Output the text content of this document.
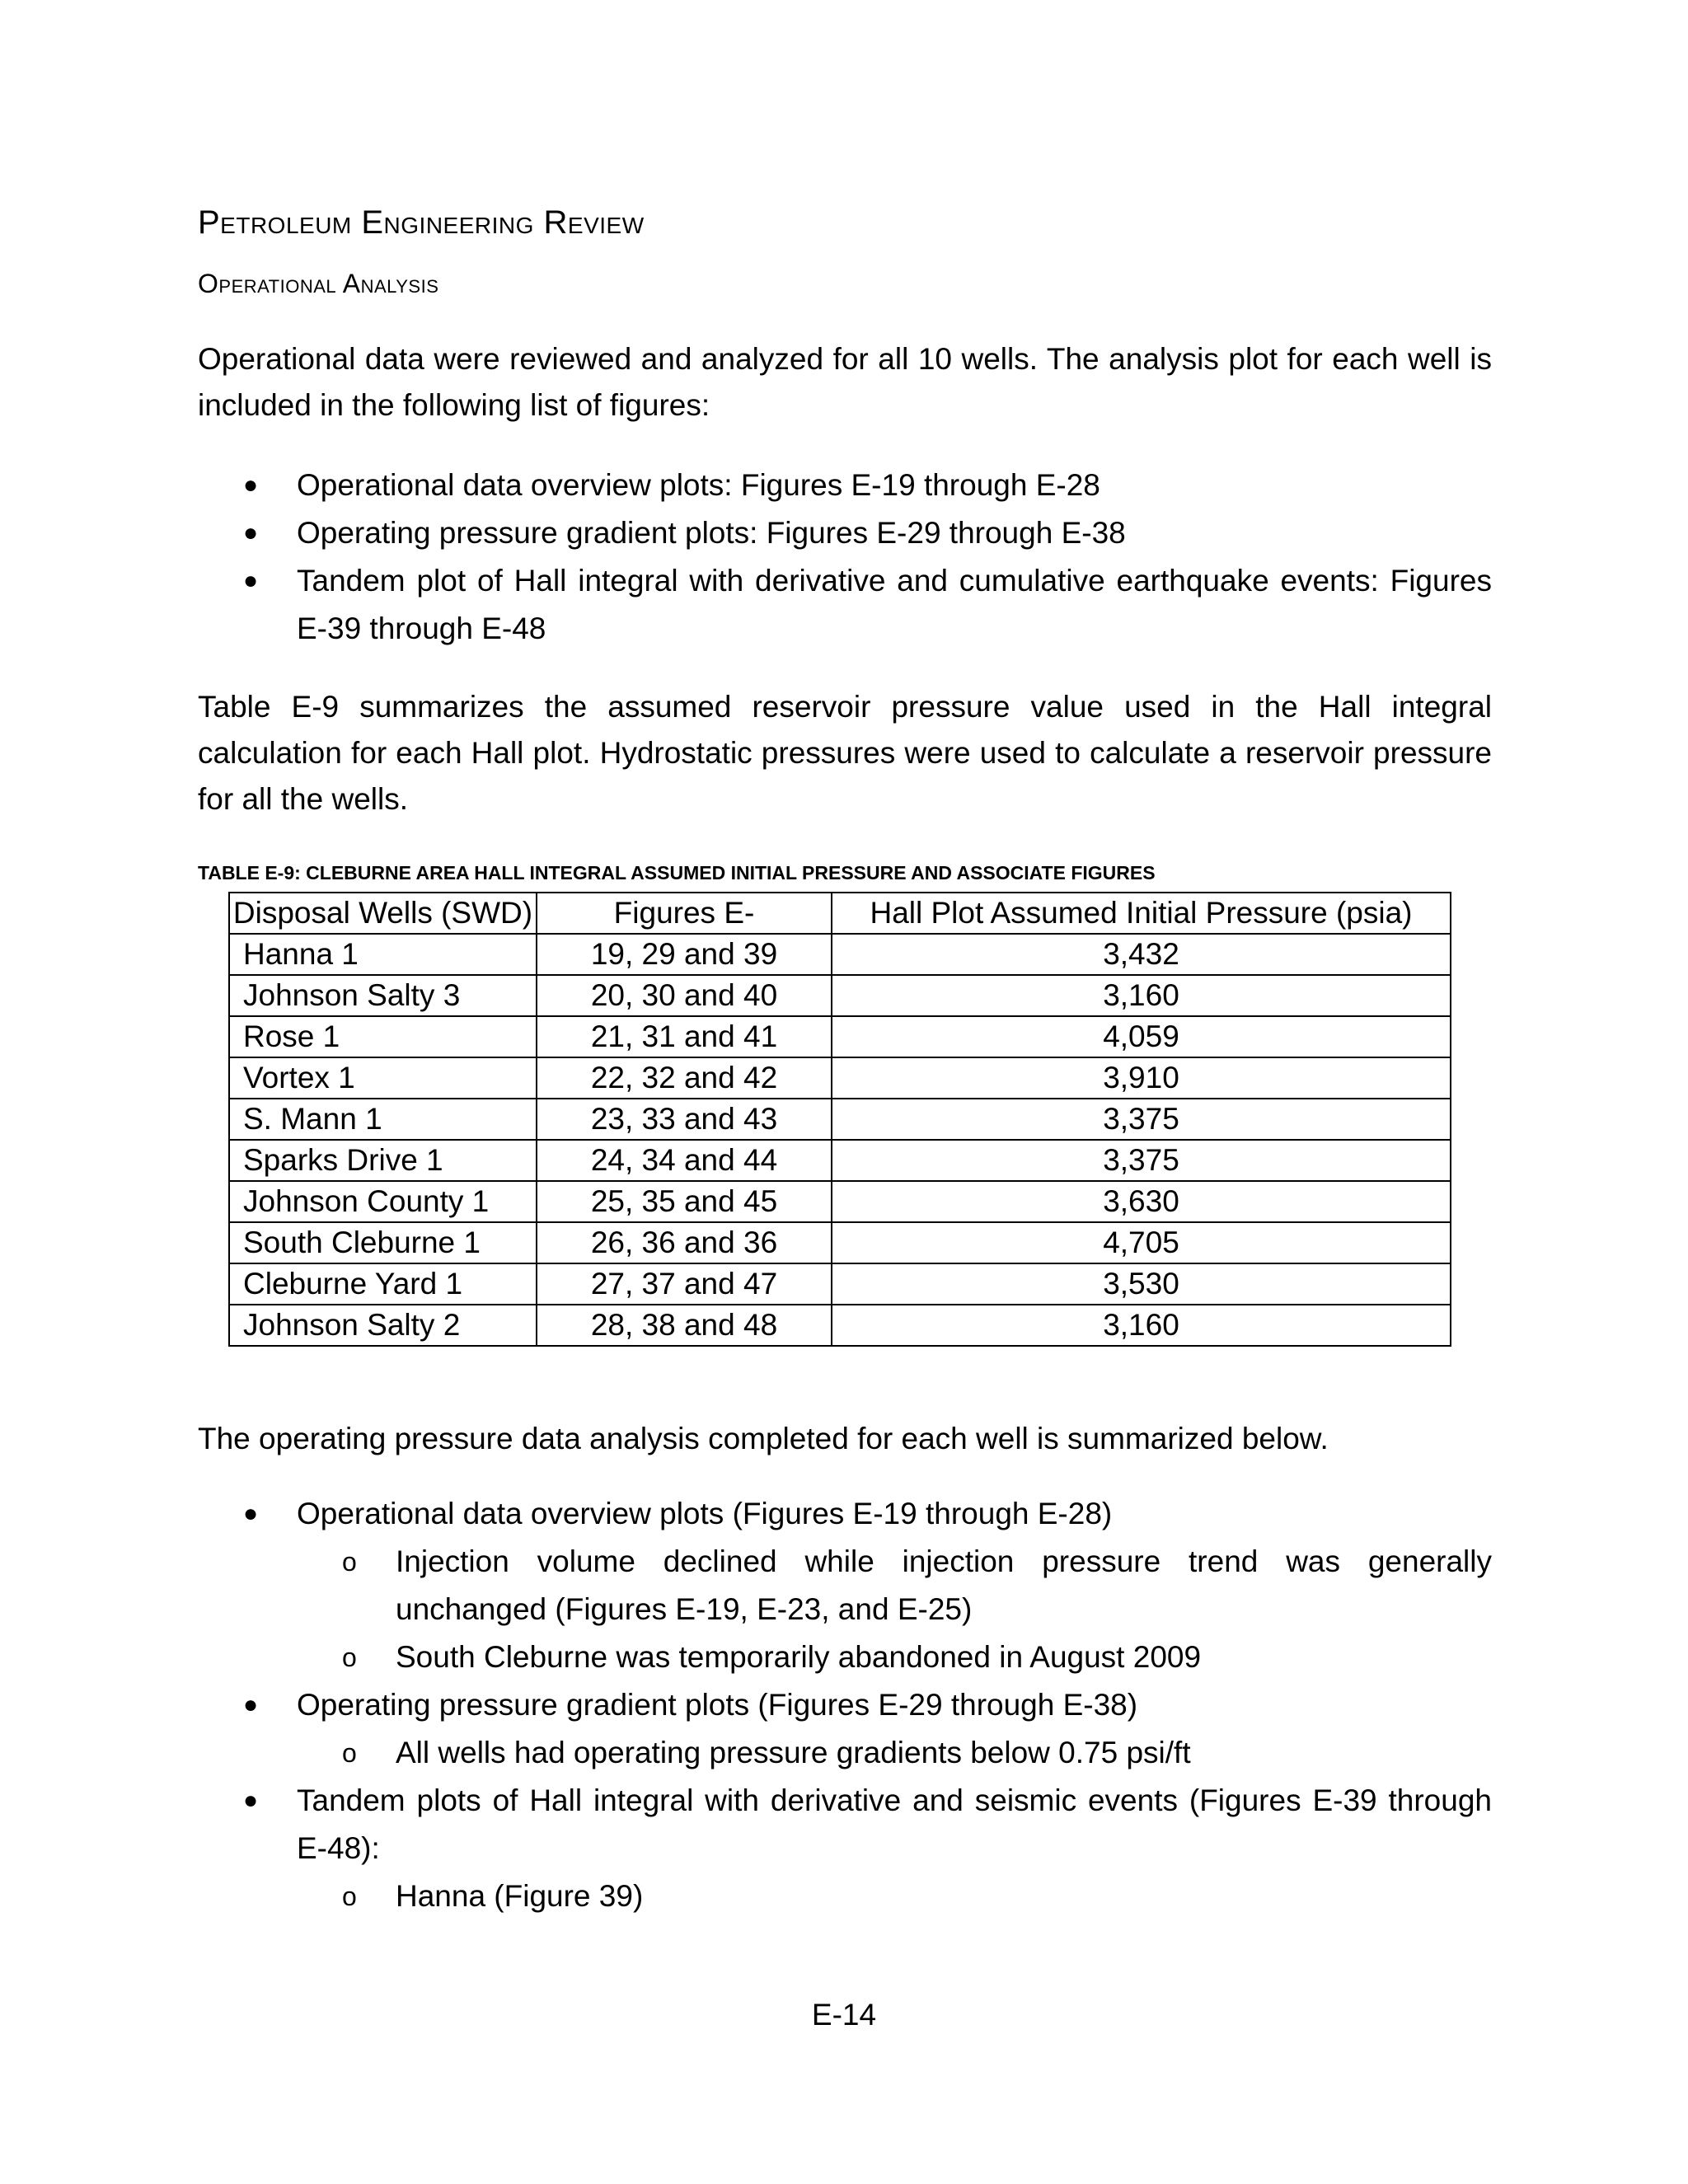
Petroleum Engineering Review
Operational Analysis

Operational data were reviewed and analyzed for all 10 wells. The analysis plot for each well is included in the following list of figures:

● Operational data overview plots: Figures E-19 through E-28
● Operating pressure gradient plots: Figures E-29 through E-38
● Tandem plot of Hall integral with derivative and cumulative earthquake events: Figures E-39 through E-48

Table E-9 summarizes the assumed reservoir pressure value used in the Hall integral calculation for each Hall plot. Hydrostatic pressures were used to calculate a reservoir pressure for all the wells.

TABLE E-9: CLEBURNE AREA HALL INTEGRAL ASSUMED INITIAL PRESSURE AND ASSOCIATE FIGURES
Disposal Wells (SWD)	Figures E-	Hall Plot Assumed Initial Pressure (psia)
Hanna 1	19, 29 and 39	3,432
Johnson Salty 3	20, 30 and 40	3,160
Rose 1	21, 31 and 41	4,059
Vortex 1	22, 32 and 42	3,910
S. Mann 1	23, 33 and 43	3,375
Sparks Drive 1	24, 34 and 44	3,375
Johnson County 1	25, 35 and 45	3,630
South Cleburne 1	26, 36 and 36	4,705
Cleburne Yard 1	27, 37 and 47	3,530
Johnson Salty 2	28, 38 and 48	3,160

The operating pressure data analysis completed for each well is summarized below.

● Operational data overview plots (Figures E-19 through E-28)
o Injection volume declined while injection pressure trend was generally unchanged (Figures E-19, E-23, and E-25)
o South Cleburne was temporarily abandoned in August 2009
● Operating pressure gradient plots (Figures E-29 through E-38)
o All wells had operating pressure gradients below 0.75 psi/ft
● Tandem plots of Hall integral with derivative and seismic events (Figures E-39 through E-48):
o Hanna (Figure 39)
E-14
